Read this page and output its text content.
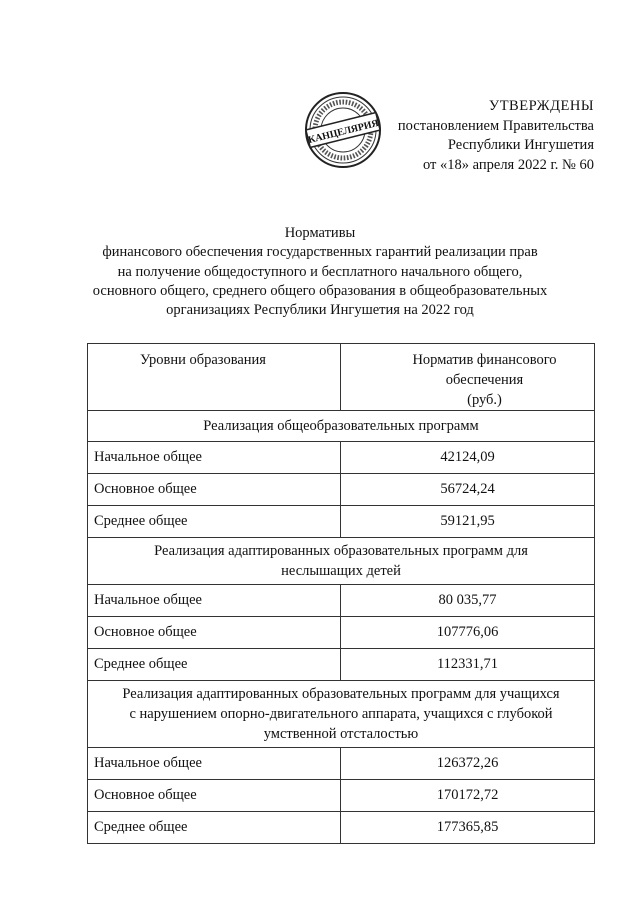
КАНЦЕЛЯРИЯ
УТВЕРЖДЕНЫ
постановлением Правительства
Республики Ингушетия
от «18» апреля 2022 г. № 60
Нормативы
финансового обеспечения государственных гарантий реализации прав
на получение общедоступного и бесплатного начального общего,
основного общего, среднего общего образования в общеобразовательных
организациях Республики Ингушетия на 2022 год
Уровни образования	Норматив финансового обеспечения
(руб.)

Реализация общеобразовательных программ	
Начальное общее	42124,09
Основное общее	56724,24
Среднее общее	59121,95

Реализация адаптированных образовательных программ для
неслышащих детей	

Начальное общее	80 035,77
Основное общее	107776,06
Среднее общее	112331,71

Реализация адаптированных образовательных программ для учащихся
с нарушением опорно-двигательного аппарата, учащихся с глубокой
умственной отсталостью	

Начальное общее	126372,26
Основное общее	170172,72
Среднее общее	177365,85
